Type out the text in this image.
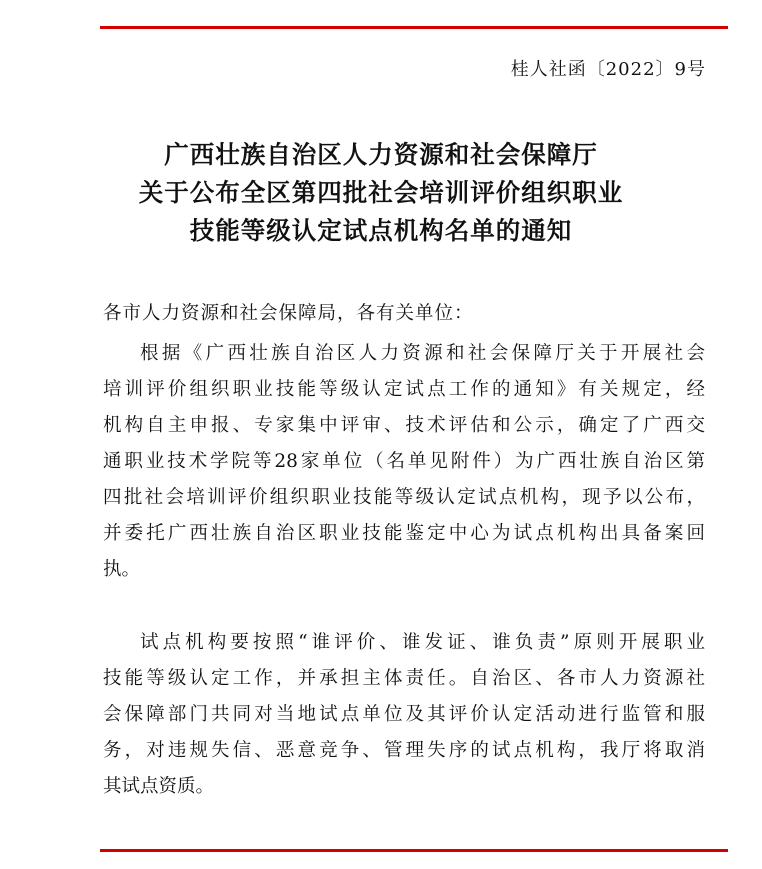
桂人社函〔2022〕9号
广西壮族自治区人力资源和社会保障厅
关于公布全区第四批社会培训评价组织职业
技能等级认定试点机构名单的通知
各市人力资源和社会保障局，各有关单位：
根据《广西壮族自治区人力资源和社会保障厅关于开展社会
培训评价组织职业技能等级认定试点工作的通知》有关规定，经
机构自主申报、专家集中评审、技术评估和公示，确定了广西交
通职业技术学院等28家单位（名单见附件）为广西壮族自治区第
四批社会培训评价组织职业技能等级认定试点机构，现予以公布，
并委托广西壮族自治区职业技能鉴定中心为试点机构出具备案回
执。
试点机构要按照“谁评价、谁发证、谁负责”原则开展职业
技能等级认定工作，并承担主体责任。自治区、各市人力资源社
会保障部门共同对当地试点单位及其评价认定活动进行监管和服
务，对违规失信、恶意竞争、管理失序的试点机构，我厅将取消
其试点资质。
